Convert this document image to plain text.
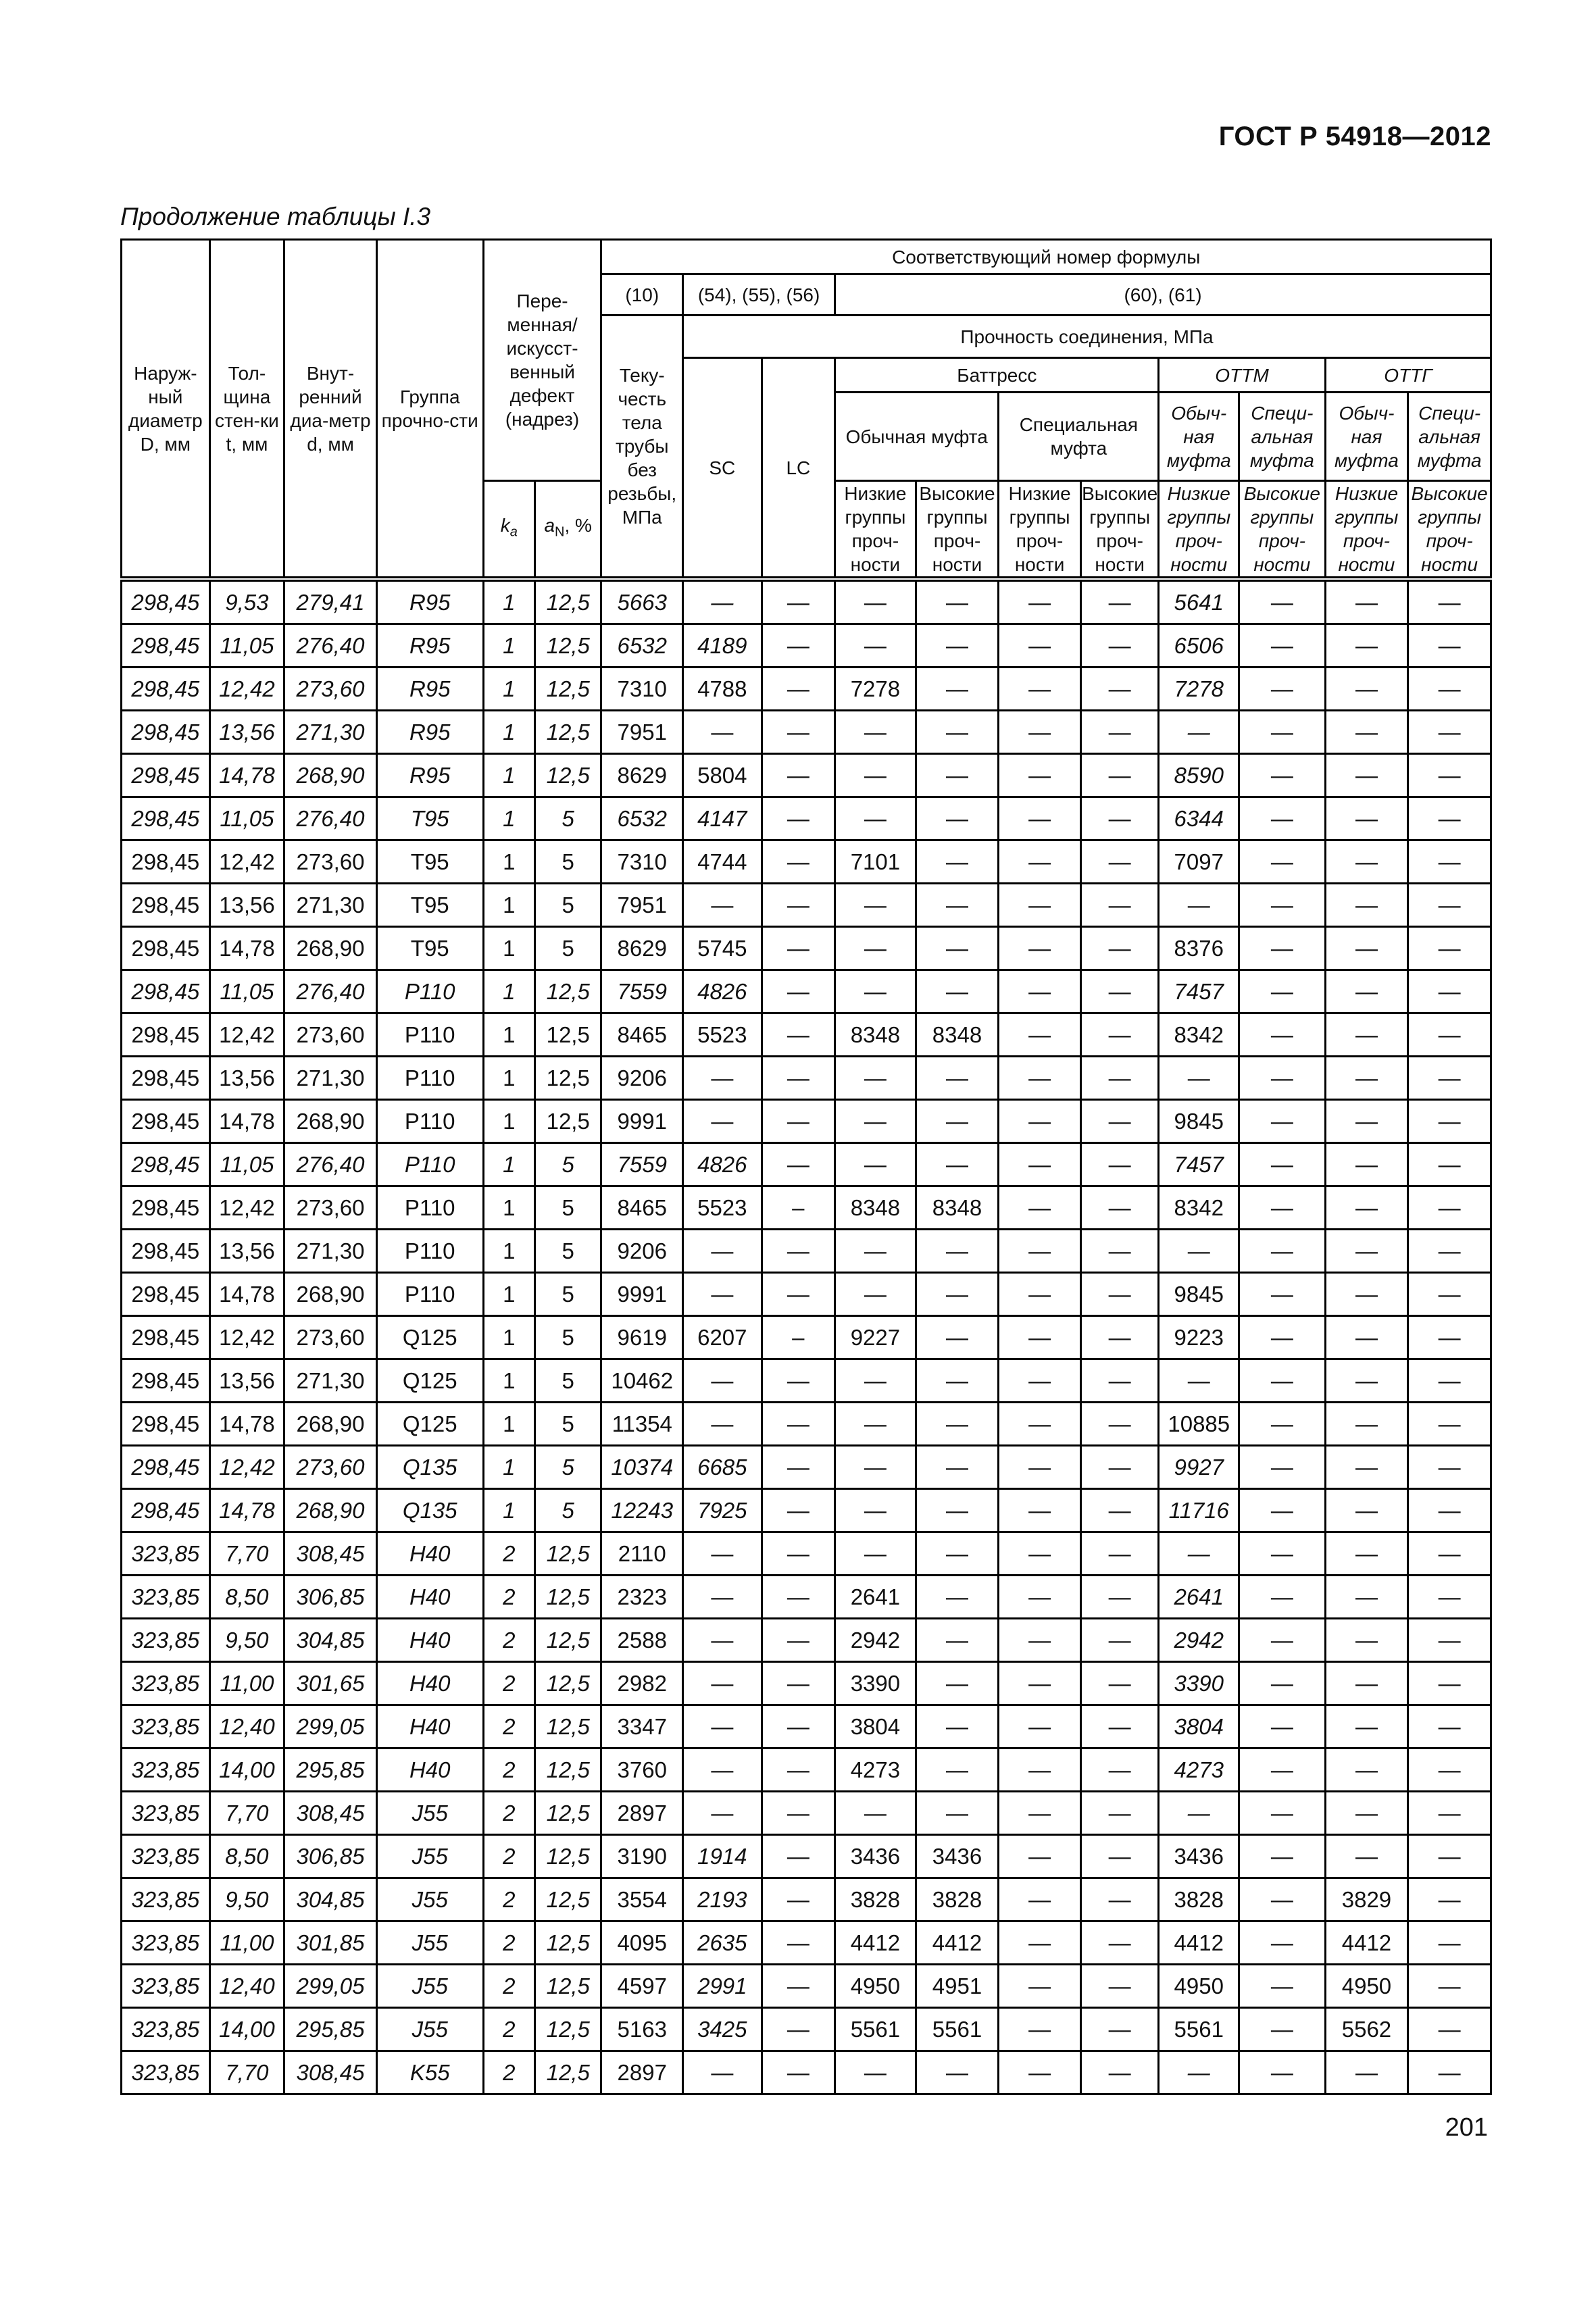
ГОСТ Р 54918—2012
Продолжение таблицы I.3
Наруж-ный диаметр D, мм	Тол-щина стен-ки t, мм	Внут-ренний диа-метр d, мм	Группа прочно-сти	Пере-менная/ искусст-венный дефект (надрез)		Соответствующий номер формулы										
						(10)	(54), (55), (56)		(60), (61)							
						Теку-честь тела трубы без резьбы, МПа	Прочность соединения, МПа									
							SC	LC	Баттресс				ОТТМ		ОТТГ	
									Обычная муфта		Специальная муфта		Обыч-ная муфта	Специ-альная муфта	Обыч-ная муфта	Специ-альная муфта
				$k_a$	$a_N$, %				Низкие группы проч-ности	Высокие группы проч-ности	Низкие группы проч-ности	Высокие группы проч-ности	Низкие группы проч-ности	Высокие группы проч-ности	Низкие группы проч-ности	Высокие группы проч-ности
298,45	9,53	279,41	R95	1	12,5	5663	—	—	—	—	—	—	5641	—	—	—
298,45	11,05	276,40	R95	1	12,5	6532	4189	—	—	—	—	—	6506	—	—	—
298,45	12,42	273,60	R95	1	12,5	7310	4788	—	7278	—	—	—	7278	—	—	—
298,45	13,56	271,30	R95	1	12,5	7951	—	—	—	—	—	—	—	—	—	—
298,45	14,78	268,90	R95	1	12,5	8629	5804	—	—	—	—	—	8590	—	—	—
298,45	11,05	276,40	T95	1	5	6532	4147	—	—	—	—	—	6344	—	—	—
298,45	12,42	273,60	T95	1	5	7310	4744	—	7101	—	—	—	7097	—	—	—
298,45	13,56	271,30	T95	1	5	7951	—	—	—	—	—	—	—	—	—	—
298,45	14,78	268,90	T95	1	5	8629	5745	—	—	—	—	—	8376	—	—	—
298,45	11,05	276,40	P110	1	12,5	7559	4826	—	—	—	—	—	7457	—	—	—
298,45	12,42	273,60	P110	1	12,5	8465	5523	—	8348	8348	—	—	8342	—	—	—
298,45	13,56	271,30	P110	1	12,5	9206	—	—	—	—	—	—	—	—	—	—
298,45	14,78	268,90	P110	1	12,5	9991	—	—	—	—	—	—	9845	—	—	—
298,45	11,05	276,40	P110	1	5	7559	4826	—	—	—	—	—	7457	—	—	—
298,45	12,42	273,60	P110	1	5	8465	5523	–	8348	8348	—	—	8342	—	—	—
298,45	13,56	271,30	P110	1	5	9206	—	—	—	—	—	—	—	—	—	—
298,45	14,78	268,90	P110	1	5	9991	—	—	—	—	—	—	9845	—	—	—
298,45	12,42	273,60	Q125	1	5	9619	6207	–	9227	—	—	—	9223	—	—	—
298,45	13,56	271,30	Q125	1	5	10462	—	—	—	—	—	—	—	—	—	—
298,45	14,78	268,90	Q125	1	5	11354	—	—	—	—	—	—	10885	—	—	—
298,45	12,42	273,60	Q135	1	5	10374	6685	—	—	—	—	—	9927	—	—	—
298,45	14,78	268,90	Q135	1	5	12243	7925	—	—	—	—	—	11716	—	—	—
323,85	7,70	308,45	H40	2	12,5	2110	—	—	—	—	—	—	—	—	—	—
323,85	8,50	306,85	H40	2	12,5	2323	—	—	2641	—	—	—	2641	—	—	—
323,85	9,50	304,85	H40	2	12,5	2588	—	—	2942	—	—	—	2942	—	—	—
323,85	11,00	301,65	H40	2	12,5	2982	—	—	3390	—	—	—	3390	—	—	—
323,85	12,40	299,05	H40	2	12,5	3347	—	—	3804	—	—	—	3804	—	—	—
323,85	14,00	295,85	H40	2	12,5	3760	—	—	4273	—	—	—	4273	—	—	—
323,85	7,70	308,45	J55	2	12,5	2897	—	—	—	—	—	—	—	—	—	—
323,85	8,50	306,85	J55	2	12,5	3190	1914	—	3436	3436	—	—	3436	—	—	—
323,85	9,50	304,85	J55	2	12,5	3554	2193	—	3828	3828	—	—	3828	—	3829	—
323,85	11,00	301,85	J55	2	12,5	4095	2635	—	4412	4412	—	—	4412	—	4412	—
323,85	12,40	299,05	J55	2	12,5	4597	2991	—	4950	4951	—	—	4950	—	4950	—
323,85	14,00	295,85	J55	2	12,5	5163	3425	—	5561	5561	—	—	5561	—	5562	—
323,85	7,70	308,45	K55	2	12,5	2897	—	—	—	—	—	—	—	—	—	—
201
